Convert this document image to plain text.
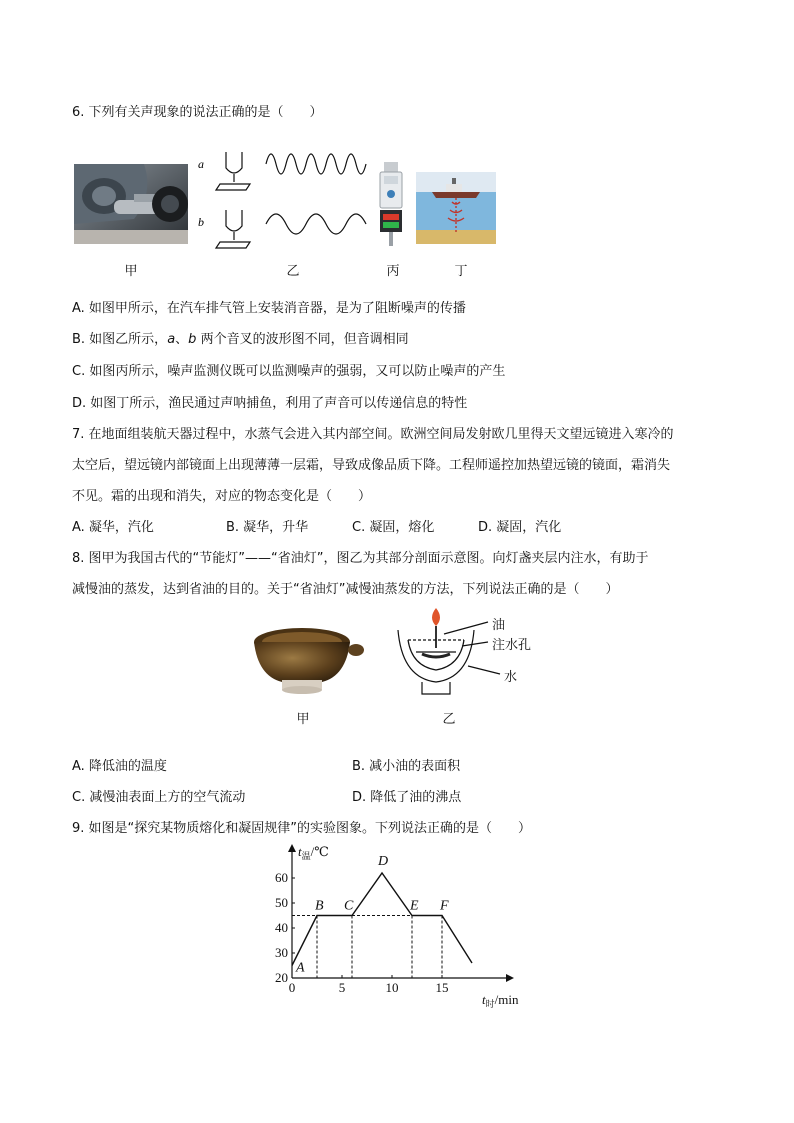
6. 下列有关声现象的说法正确的是（　　）
a
b
甲	乙	丙	丁
A. 如图甲所示，在汽车排气管上安装消音器，是为了阻断噪声的传播
B. 如图乙所示，a、b 两个音叉的波形图不同，但音调相同
C. 如图丙所示，噪声监测仪既可以监测噪声的强弱，又可以防止噪声的产生
D. 如图丁所示，渔民通过声呐捕鱼，利用了声音可以传递信息的特性
7. 在地面组装航天器过程中，水蒸气会进入其内部空间。欧洲空间局发射欧几里得天文望远镜进入寒冷的
太空后，望远镜内部镜面上出现薄薄一层霜，导致成像品质下降。工程师遥控加热望远镜的镜面，霜消失
不见。霜的出现和消失，对应的物态变化是（　　）
A. 凝华，汽化	B. 凝华，升华	C. 凝固，熔化	D. 凝固，汽化
8. 图甲为我国古代的“节能灯”——“省油灯”，图乙为其部分剖面示意图。向灯盏夹层内注水，有助于
减慢油的蒸发，达到省油的目的。关于“省油灯”减慢油蒸发的方法，下列说法正确的是（　　）
油
注水孔
水
甲	乙
A. 降低油的温度	B. 减小油的表面积
C. 减慢油表面上方的空气流动	D. 降低了油的沸点
9. 如图是“探究某物质熔化和凝固规律”的实验图象。下列说法正确的是（　　）
20
30
40
50
60
0	5	10	15
A
B C
D
E F
$t_温/℃$
$t_时/\min$
